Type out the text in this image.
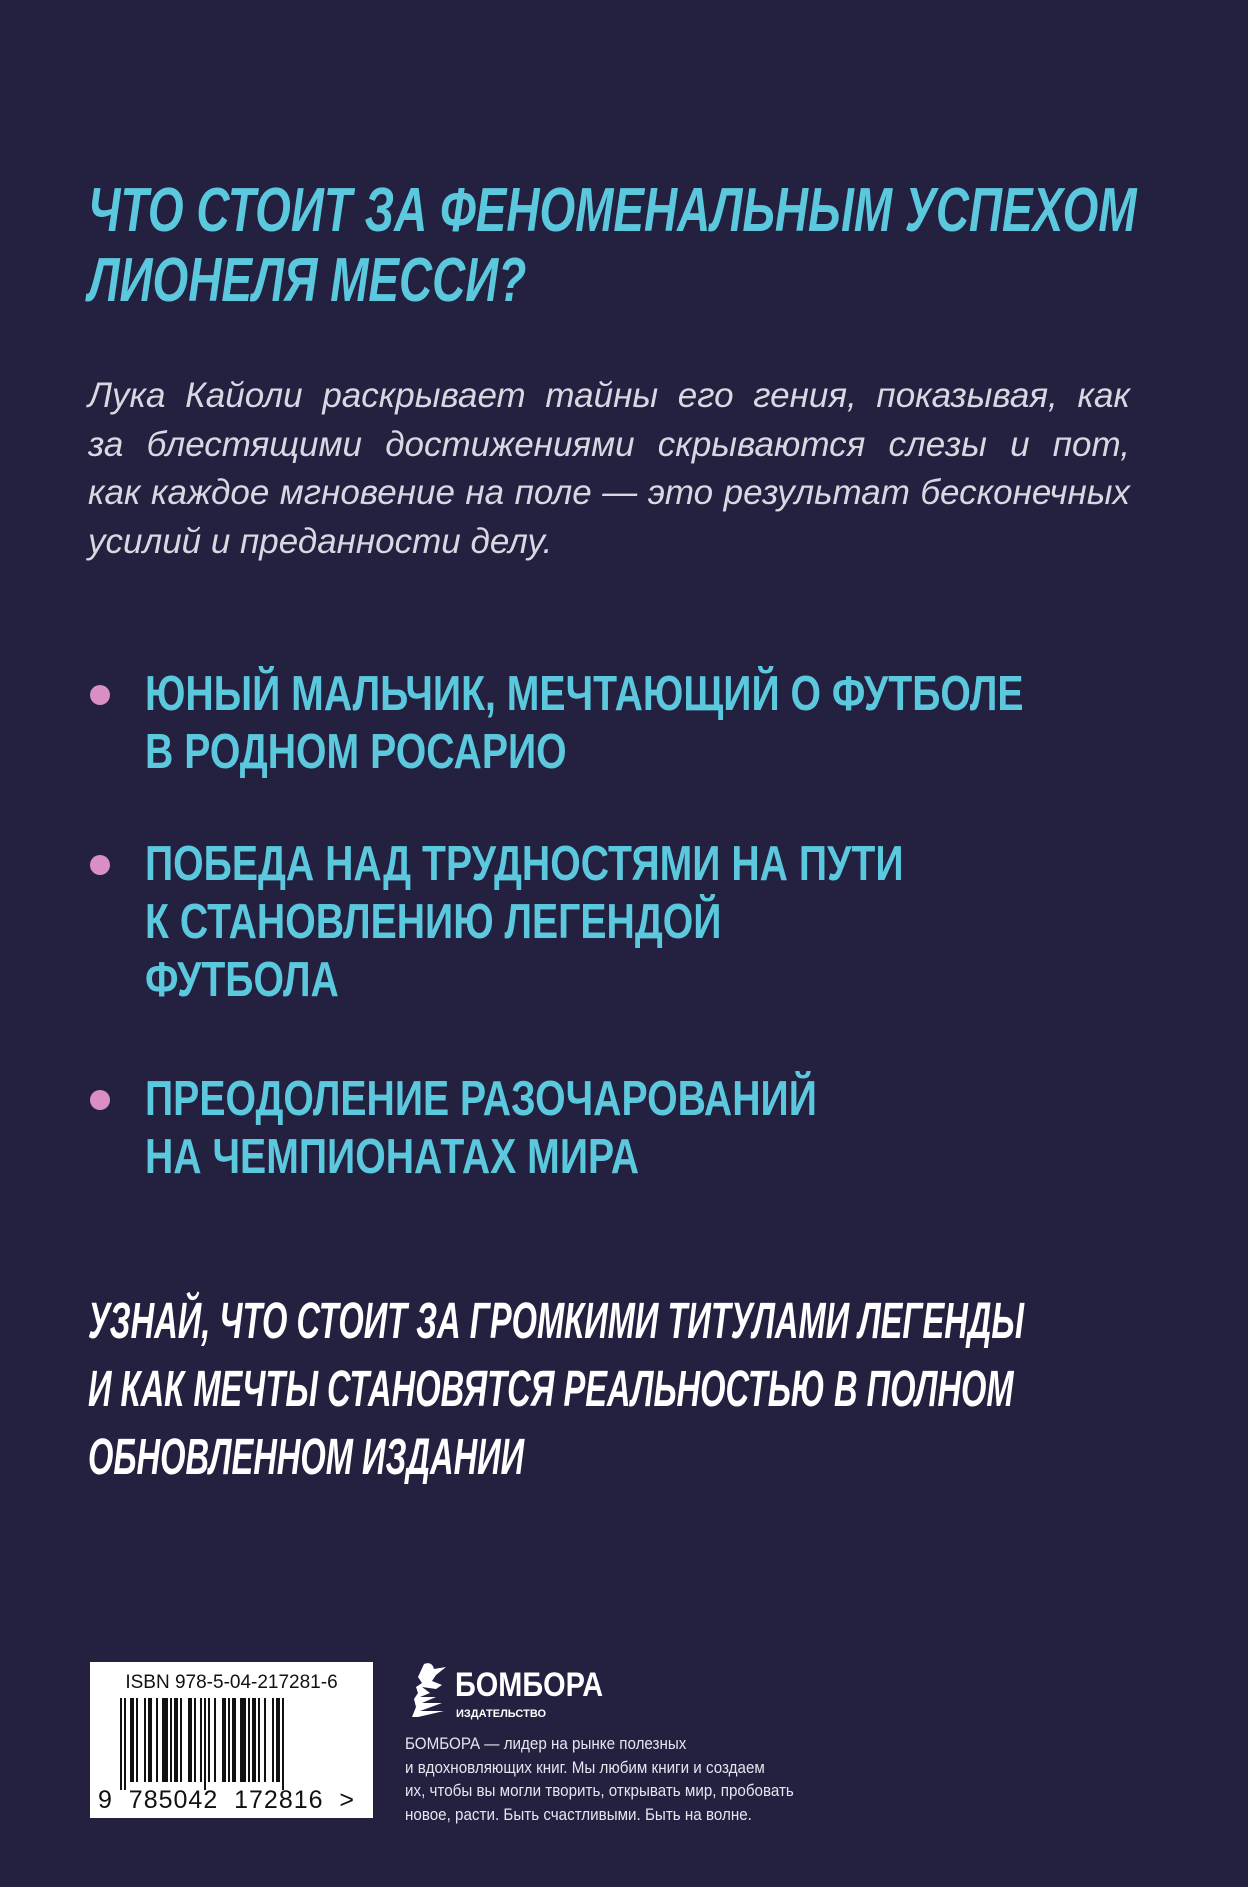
ЧТО СТОИТ ЗА ФЕНОМЕНАЛЬНЫМ УСПЕХОМ
ЛИОНЕЛЯ МЕССИ?
Лука Кайоли раскрывает тайны его гения, показывая, как
за блестящими достижениями скрываются слезы и пот,
как каждое мгновение на поле — это результат бесконечных
усилий и преданности делу.
ЮНЫЙ МАЛЬЧИК, МЕЧТАЮЩИЙ О ФУТБОЛЕ
В РОДНОМ РОСАРИО
ПОБЕДА НАД ТРУДНОСТЯМИ НА ПУТИ
К СТАНОВЛЕНИЮ ЛЕГЕНДОЙ
ФУТБОЛА
ПРЕОДОЛЕНИЕ РАЗОЧАРОВАНИЙ
НА ЧЕМПИОНАТАХ МИРА
УЗНАЙ, ЧТО СТОИТ ЗА ГРОМКИМИ ТИТУЛАМИ ЛЕГЕНДЫ
И КАК МЕЧТЫ СТАНОВЯТСЯ РЕАЛЬНОСТЬЮ В ПОЛНОМ
ОБНОВЛЕННОМ ИЗДАНИИ
ISBN 978-5-04-217281-6
9  785042  172816  >
БОМБОРА
ИЗДАТЕЛЬСТВО
БОМБОРА — лидер на рынке полезных
и вдохновляющих книг. Мы любим книги и создаем
их, чтобы вы могли творить, открывать мир, пробовать
новое, расти. Быть счастливыми. Быть на волне.
